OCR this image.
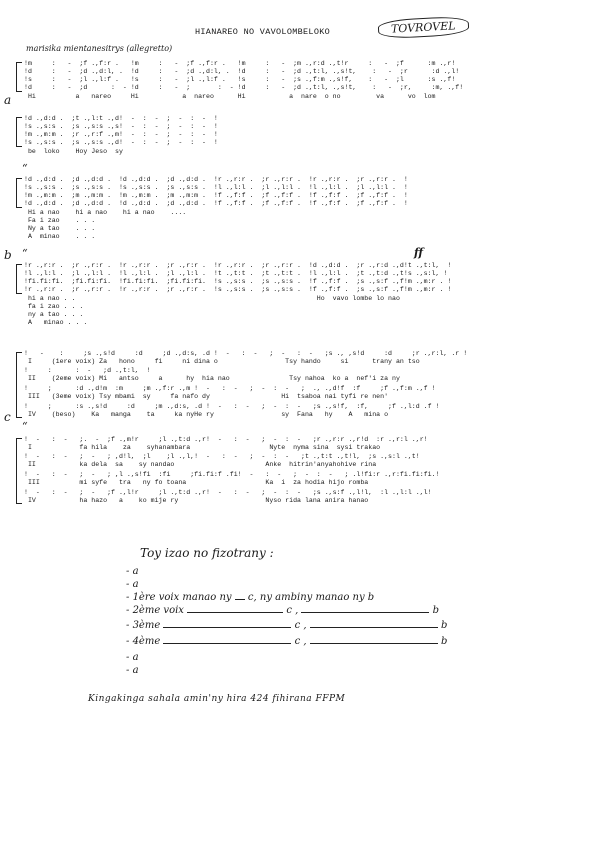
HIANAREO NO VAVOLOMBELOKO	TOVROVEL
marisika mientanesitrys (allegretto)
!m     :   -  ;f .,f:r .   !m     :   -  ;f .,f:r .   !m     :   -  ;m .,r:d .,t!r     :   -  ;f      :m .,r!
!d     :   -  ;d .,d:l, .  !d     :   -  ;d .,d:l, .  !d     :   -  ;d .,t:l, .,s!t,    :   -  ;r      :d .,l!
!s     :   -  ;l .,l:f .   !s     :   -  ;l .,l:f .   !s     :   -  ;s .,f:m .,s!f,    :   -  ;l      :s .,f!
!d     :   -  ;d      :  - !d     :   -  ;       :  - !d     :   -  ;d .,t:l, .,s!t,    :   -  ;r,     :m, .,f!
Hi          a   nareo     Hi           a  nareo      Hi           a  nare  o no         va      vo  lom
a
!d .,d:d .  ;t .,l:t .,d!  -  :  -  ;  -  :  -  !
!s .,s:s .  ;s .,s:s .,s!  -  :  -  ;  -  :  -  !
!m .,m:m .  ;r .,r:f .,m!  -  :  -  ;  -  :  -  !
!s .,s:s .  ;s .,s:s .,d!  -  :  -  ;  -  :  -  !
be  loko    Hoy Jeso  sy
“
!d .,d:d .  ;d .,d:d .  !d .,d:d .  ;d .,d:d .  !r .,r:r .  ;r .,r:r .  !r .,r:r .  ;r .,r:r .  !
!s .,s:s .  ;s .,s:s .  !s .,s:s .  ;s .,s:s .  !l .,l:l .  ;l .,l:l .  !l .,l:l .  ;l .,l:l .  !
!m .,m:m .  ;m .,m:m .  !m .,m:m .  ;m .,m:m .  !f .,f:f .  ;f .,f:f .  !f .,f:f .  ;f .,f:f .  !
!d .,d:d .  ;d .,d:d .  !d .,d:d .  ;d .,d:d .  !f .,f:f .  ;f .,f:f .  !f .,f:f .  ;f .,f:f .  !
Hi a nao    hi a nao    hi a nao    ....
Fa i zao    . . .
Ny a tao    . . .
A  minao    . . .
b “	ff
!r .,r:r .  ;r .,r:r .  !r .,r:r .  ;r .,r:r .  !r .,r:r .  ;r .,r:r .  !d .,d:d .  ;r .,r:d .,d!t .,t:l,  !
!l .,l:l .  ;l .,l:l .  !l .,l:l .  ;l .,l:l .  !t .,t:t .  ;t .,t:t .  !l .,l:l .  ;t .,t:d .,t!s .,s:l, !
!fi.fi:fi.  ;fi.fi:fi.  !fi.fi:fi.  ;fi.fi:fi.  !s .,s:s .  ;s .,s:s .  !f .,f:f .  ;s .,s:f .,f!m .,m:r . !
!r .,r:r .  ;r .,r:r .  !r .,r:r .  ;r .,r:r .  !s .,s:s .  ;s .,s:s .  !f .,f:f .  ;s .,s:f .,f!m .,m:r . !
hi a nao . .                                                             Ho  vavo lombe lo nao
fa i zao . . .
ny a tao . . .
A   minao . . .
!   -    :     ;s .,s!d     :d     ;d .,d:s, .d !  -   :  -   ;  -   :  -   ;s ., ,s!d     :d     ;r .,r:l, .r !
I     (1ere voix) Za   hono     fi     ni dina o                 Tsy hando     si      trany an tso
!     :      :  -   ;d .,t:l,  !
II    (2eme voix) Mi   antso     a      hy  hia nao               Tsy nahoa  ko a  nef'i za ny
!     ;      :d .,d!m  :m     ;m .,f:r .,m !  -   :  -   ;  -  :  -   ;  ., .,d!f  :f     ;f .,f:m .,f !
III   (3eme voix) Tsy mbami  sy     fa nafo dy                  Hi  tsaboa nai tyfi re nen'
!     ;      :s .,s!d     :d     ;m .,d:s, .d !  -   :  -   ;  -  :  -   ;s .,s!f,  :f,     ;f .,l:d .f !
IV    (beso)    Ka   manga    ta     ka nyHe ry                 sy  Fana   hy    A   mina o
c
“
!  -   :  -   ;.  -  ;f .,m!r     ;l .,t:d .,r!  -   :  -   ;  -  :  -   ;r .,r:r .,r!d  :r .,r:l .,r!
I            fa hila    za    syhanambara                    Nyte  nyma sina  sysi trakao
!  -   :  -   ;  -   ; ,d!l,  ;l    ;l .,l,!  -   :  -   ;  -  :  -   ;t .,t:t .,t!l,  ;s .,s:l .,t!
II           ka dela  sa    sy nandao                       Anke  hitrin'anyahohive rina
!  -   :  -   ;  -   ; ,l .,s!fi  :fi     ;fi.fi:f .fi!  -   :  -   ;  -  :  -   ; .l!fi:r .,r:fi.fi:fi.!
III          mi syfe   tra   ny fo toana                    Ka  i  za hodia hijo romba
!  -   :  -   ;  -   ;f .,l!r     ;l .,t:d .,r!  -   :  -   ;  -  :  -   ;s .,s:f .,l!l,  :l .,l:l .,l!
IV           ha hazo   a    ko mije ry                      Nyso rida lana anira hanao
Toy izao no fizotrany :
- a
- a
- 1ère voix manao ny c, ny ambiny manao ny b
- 2ème voix	c ,	b
- 3ème	c ,	b
- 4ème	c ,	b
- a
- a
Kingakinga sahala amin'ny hira 424 fihirana FFPM
